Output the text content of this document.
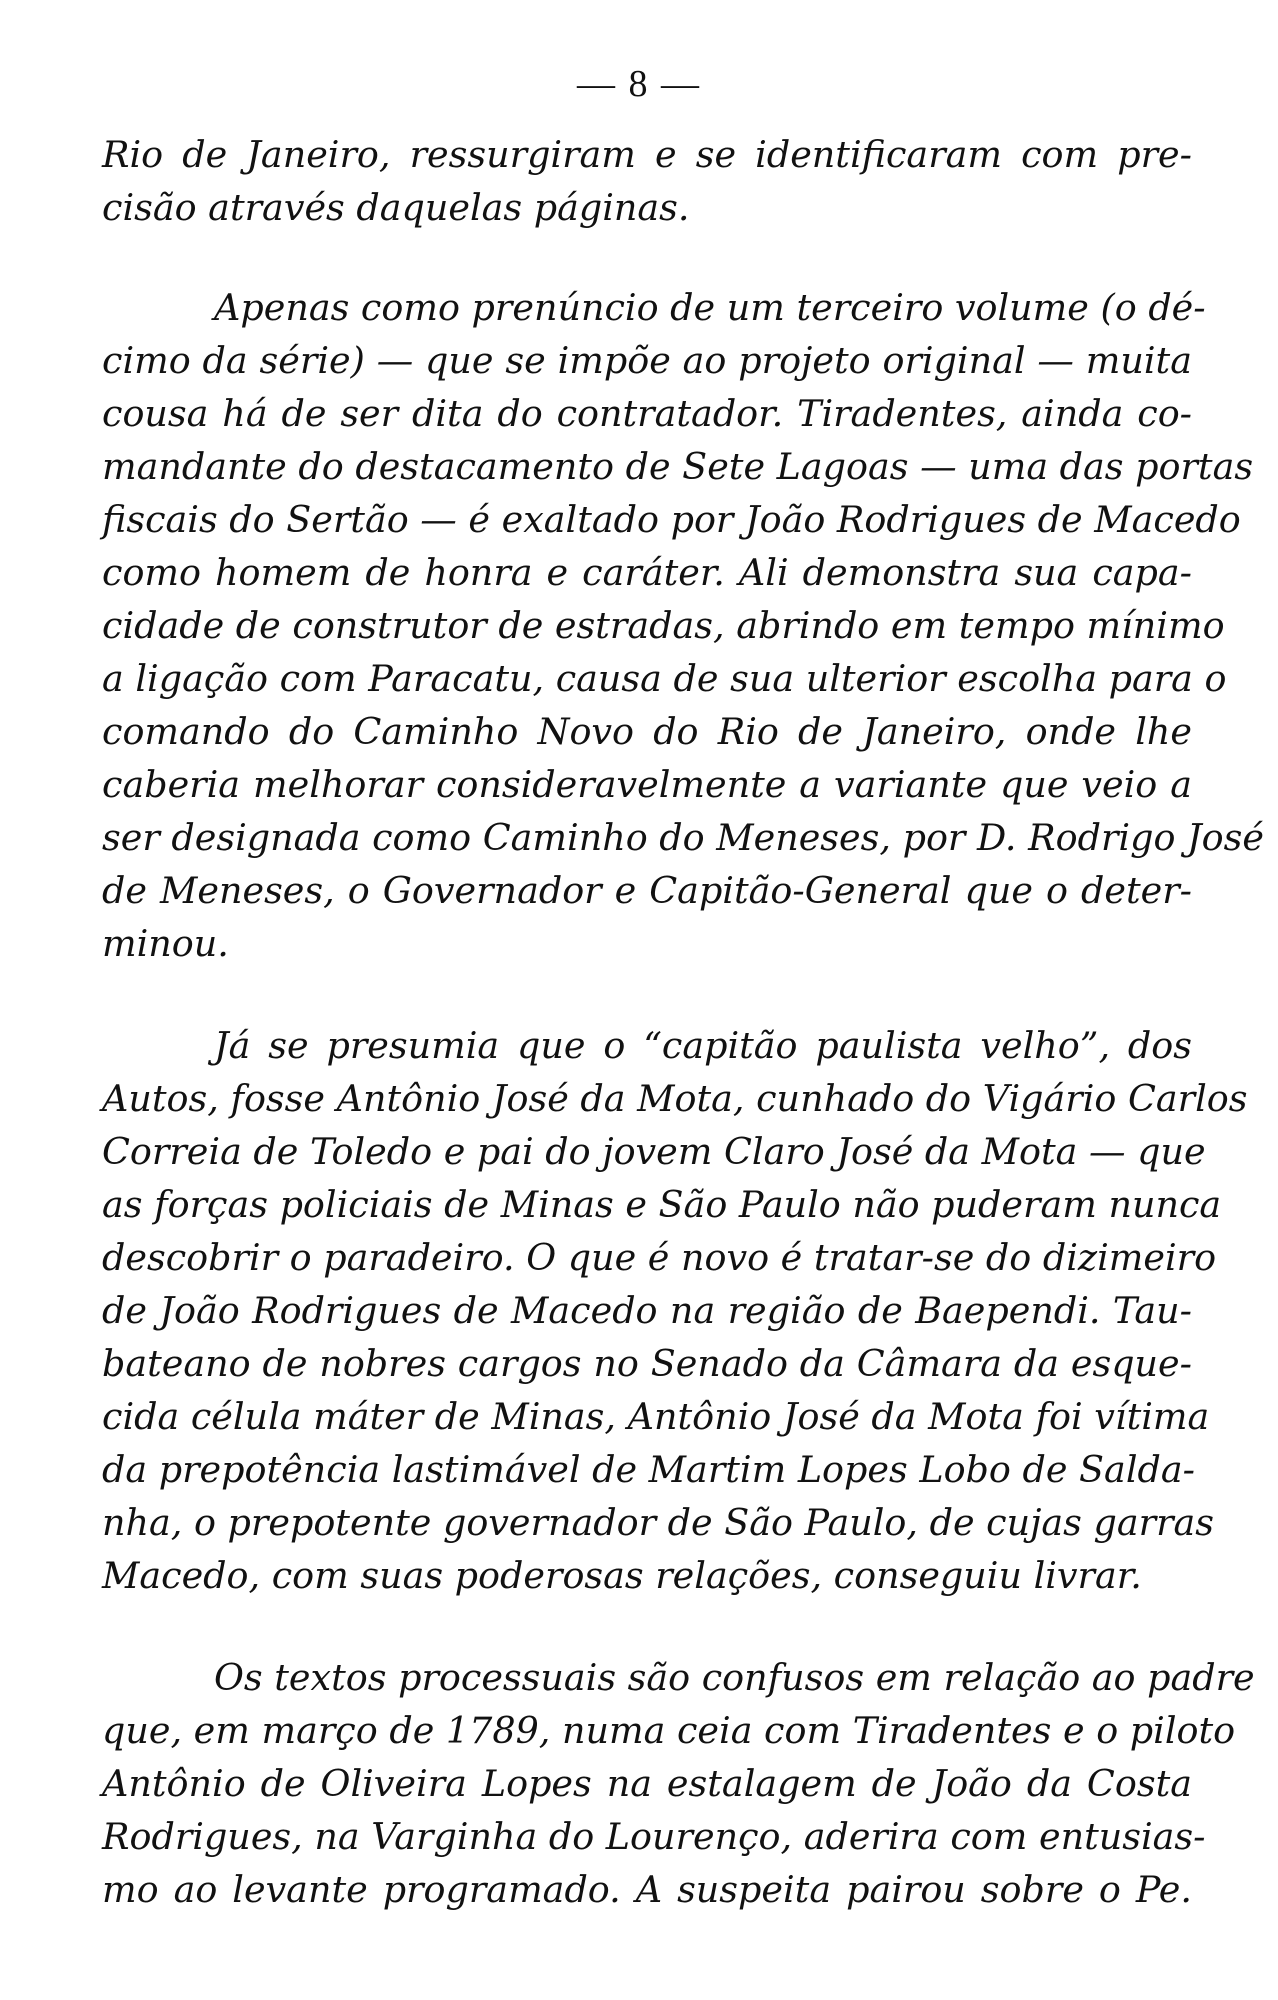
— 8 —

Rio de Janeiro, ressurgiram e se identificaram com pre-
cisão através daquelas páginas.

Apenas como prenúncio de um terceiro volume (o dé-
cimo da série) — que se impõe ao projeto original — muita
cousa há de ser dita do contratador. Tiradentes, ainda co-
mandante do destacamento de Sete Lagoas — uma das portas
fiscais do Sertão — é exaltado por João Rodrigues de Macedo
como homem de honra e caráter. Ali demonstra sua capa-
cidade de construtor de estradas, abrindo em tempo mínimo
a ligação com Paracatu, causa de sua ulterior escolha para o
comando do Caminho Novo do Rio de Janeiro, onde lhe
caberia melhorar consideravelmente a variante que veio a
ser designada como Caminho do Meneses, por D. Rodrigo José
de Meneses, o Governador e Capitão-General que o deter-
minou.

Já se presumia que o “capitão paulista velho”, dos
Autos, fosse Antônio José da Mota, cunhado do Vigário Carlos
Correia de Toledo e pai do jovem Claro José da Mota — que
as forças policiais de Minas e São Paulo não puderam nunca
descobrir o paradeiro. O que é novo é tratar-se do dizimeiro
de João Rodrigues de Macedo na região de Baependi. Tau-
bateano de nobres cargos no Senado da Câmara da esque-
cida célula máter de Minas, Antônio José da Mota foi vítima
da prepotência lastimável de Martim Lopes Lobo de Salda-
nha, o prepotente governador de São Paulo, de cujas garras
Macedo, com suas poderosas relações, conseguiu livrar.

Os textos processuais são confusos em relação ao padre
que, em março de 1789, numa ceia com Tiradentes e o piloto
Antônio de Oliveira Lopes na estalagem de João da Costa
Rodrigues, na Varginha do Lourenço, aderira com entusias-
mo ao levante programado. A suspeita pairou sobre o Pe.
